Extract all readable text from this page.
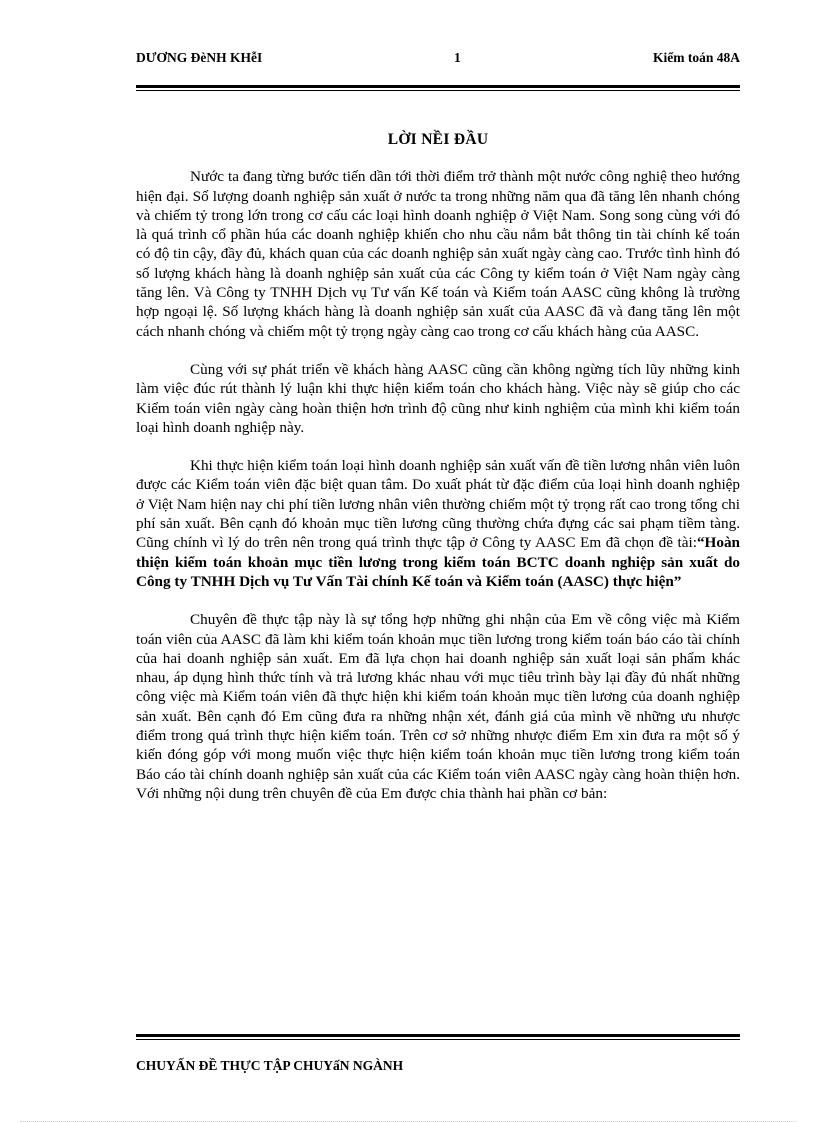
DƯƠNG ĐèNH KHễI	1	Kiểm toán 48A
LỜI NỀI ĐẦU

Nước ta đang từng bước tiến dần tới thời điểm trở thành một nước công nghiệ theo hướng hiện đại. Số lượng doanh nghiệp sản xuất ở nước ta trong những năm qua đã tăng lên nhanh chóng và chiếm tỷ trong lớn trong cơ cấu các loại hình doanh nghiệp ở Việt Nam. Song song cùng với đó là quá trình cổ phần húa các doanh nghiệp khiến cho nhu cầu nắm bắt thông tin tài chính kế toán có độ tin cậy, đầy đủ, khách quan của các doanh nghiệp sản xuất ngày càng cao. Trước tình hình đó số lượng khách hàng là doanh nghiệp sản xuất của các Công ty kiểm toán ở Việt Nam ngày càng tăng lên. Và Công ty TNHH Dịch vụ Tư vấn Kế toán và Kiểm toán AASC cũng không là trường hợp ngoại lệ. Số lượng khách hàng là doanh nghiệp sản xuất của AASC đã và đang tăng lên một cách nhanh chóng và chiếm một tỷ trọng ngày càng cao trong cơ cấu khách hàng của AASC.

Cùng với sự phát triển về khách hàng AASC cũng cần không ngừng tích lũy những kinh làm việc đúc rút thành lý luận khi thực hiện kiểm toán cho khách hàng. Việc này sẽ giúp cho các Kiểm toán viên ngày càng hoàn thiện hơn trình độ cũng như kinh nghiệm của mình khi kiểm toán loại hình doanh nghiệp này.

Khi thực hiện kiểm toán loại hình doanh nghiệp sản xuất vấn đề tiền lương nhân viên luôn được các Kiểm toán viên đặc biệt quan tâm. Do xuất phát từ đặc điểm của loại hình doanh nghiệp ở Việt Nam hiện nay chi phí tiền lương nhân viên thường chiếm một tỷ trọng rất cao trong tổng chi phí sản xuất. Bên cạnh đó khoản mục tiền lương cũng thường chứa đựng các sai phạm tiềm tàng. Cũng chính vì lý do trên nên trong quá trình thực tập ở Công ty AASC Em đã chọn đề tài:“Hoàn thiện kiểm toán khoản mục tiền lương trong kiểm toán BCTC doanh nghiệp sản xuất do Công ty TNHH Dịch vụ Tư Vấn Tài chính Kế toán và Kiểm toán (AASC) thực hiện”

Chuyên đề thực tập này là sự tổng hợp những ghi nhận của Em về công việc mà Kiểm toán viên của AASC đã làm khi kiểm toán khoản mục tiền lương trong kiểm toán báo cáo tài chính của hai doanh nghiệp sản xuất. Em đã lựa chọn hai doanh nghiệp sản xuất loại sản phẩm khác nhau, áp dụng hình thức tính và trả lương khác nhau với mục tiêu trình bày lại đầy đủ nhất những công việc mà Kiểm toán viên đã thực hiện khi kiểm toán khoản mục tiền lương của doanh nghiệp sản xuất. Bên cạnh đó Em cũng đưa ra những nhận xét, đánh giá của mình về những ưu nhược điểm trong quá trình thực hiện kiểm toán. Trên cơ sở những nhược điểm Em xin đưa ra một số ý kiến đóng góp với mong muốn việc thực hiện kiểm toán khoản mục tiền lương trong kiểm toán Báo cáo tài chính doanh nghiệp sản xuất của các Kiểm toán viên AASC ngày càng hoàn thiện hơn. Với những nội dung trên chuyên đề của Em được chia thành hai phần cơ bản:

CHUYẤN ĐỀ THỰC TẬP CHUYấN NGÀNH
